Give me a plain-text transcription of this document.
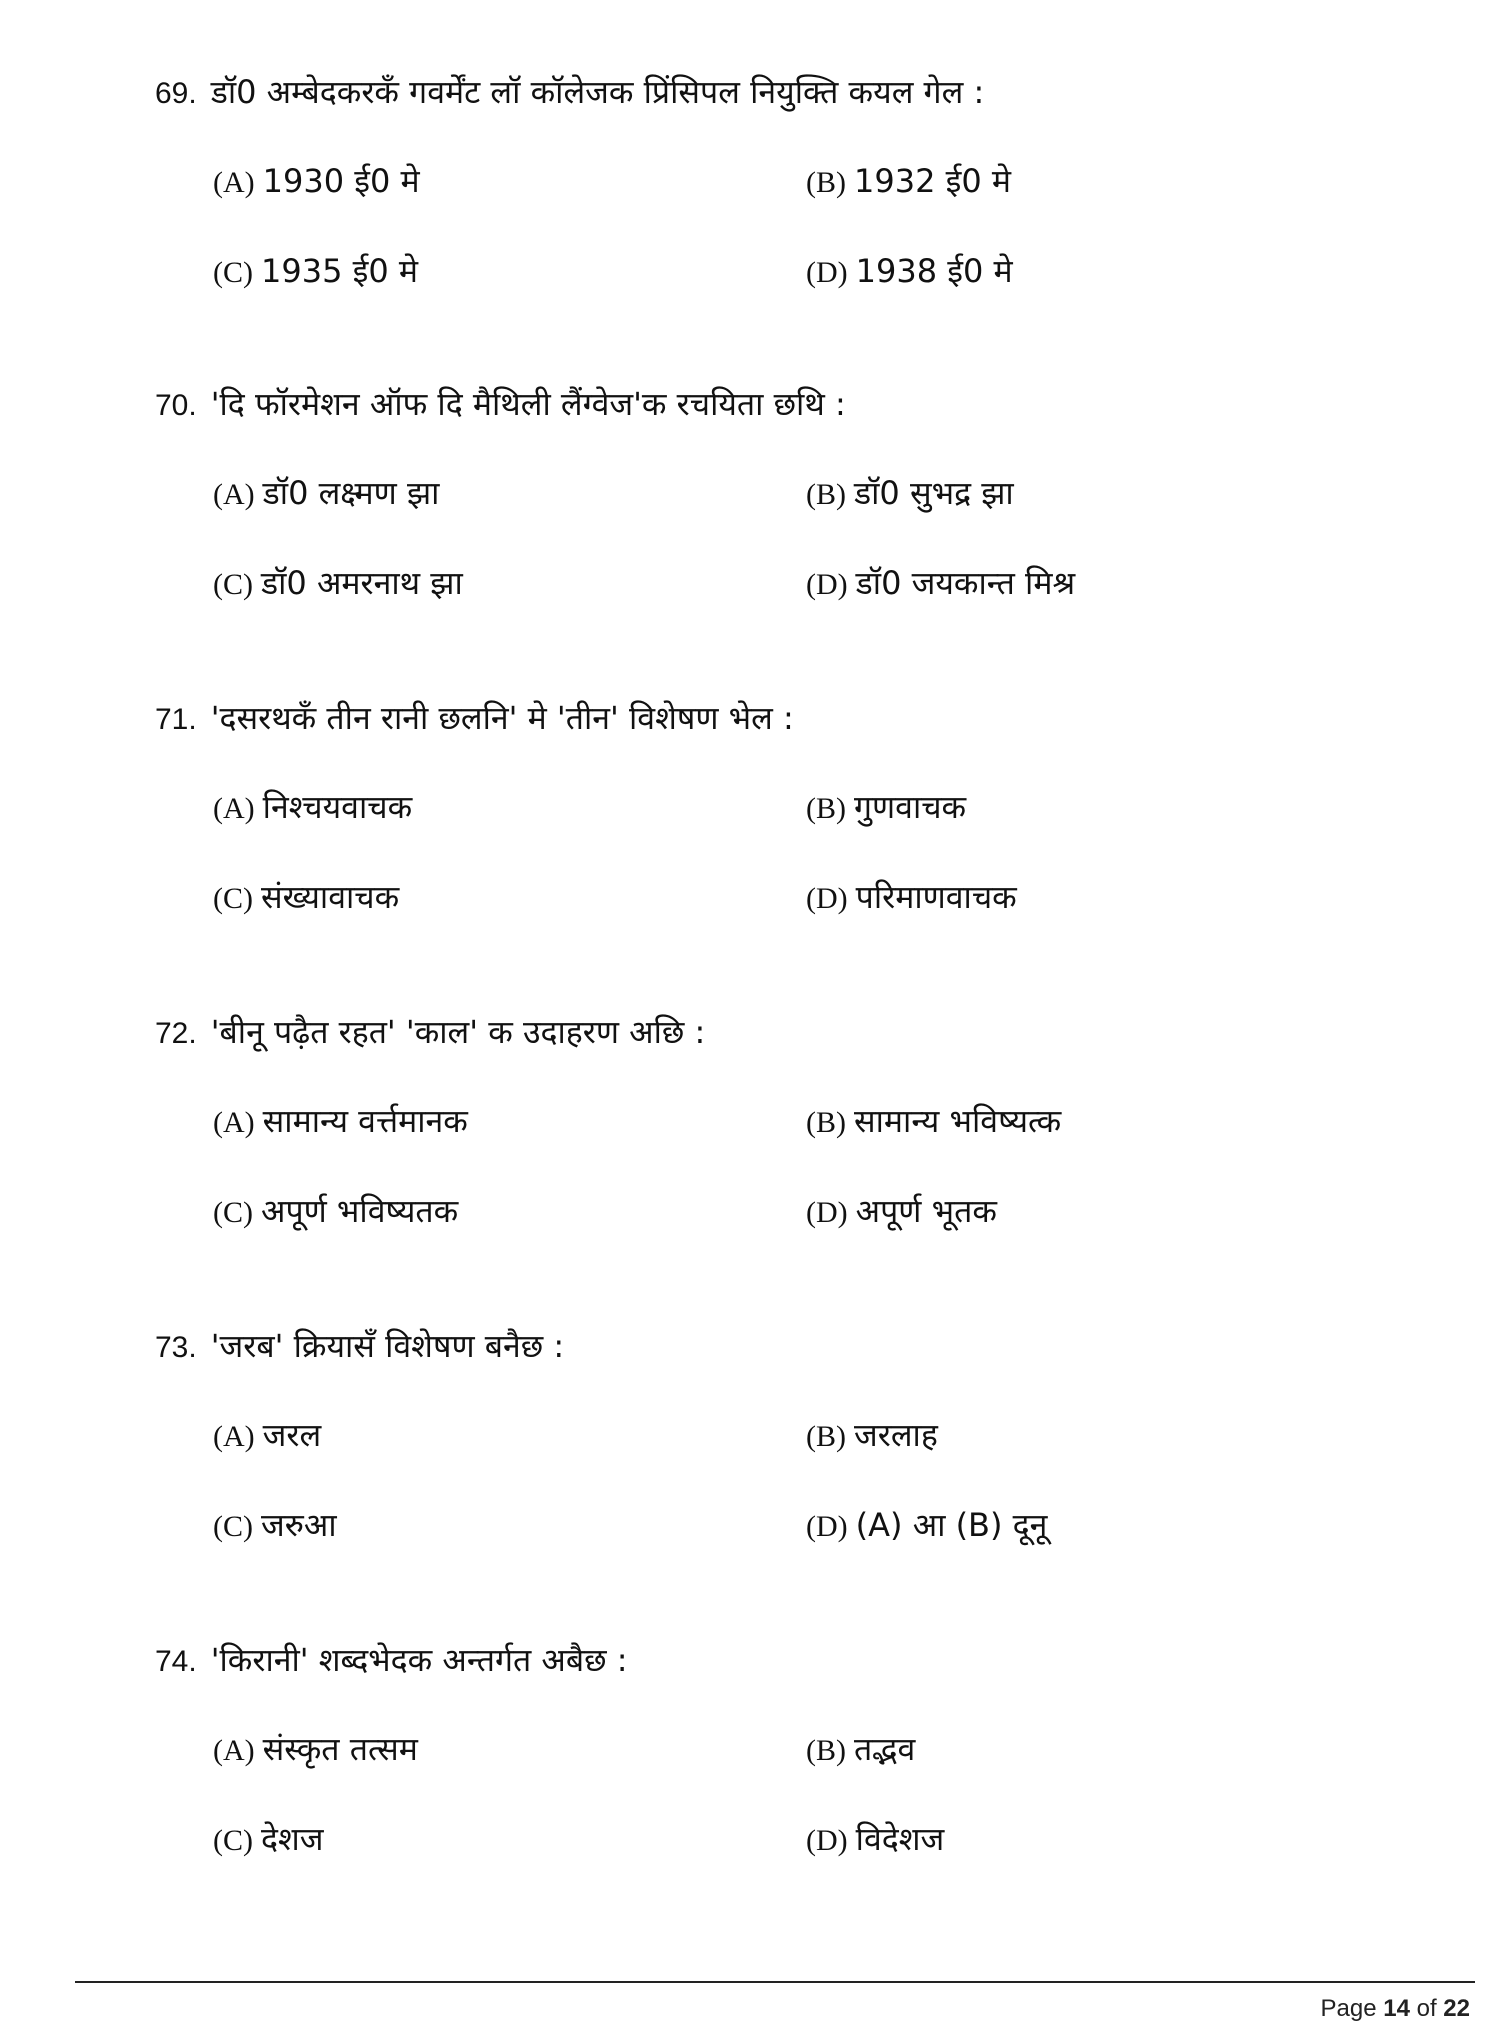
69. डॉ0 अम्बेदकरकँ गवर्मेंट लॉ कॉलेजक प्रिंसिपल नियुक्ति कयल गेल :
(A) 1930 ई0 मे	(B) 1932 ई0 मे
(C) 1935 ई0 मे	(D) 1938 ई0 मे
70. 'दि फॉरमेशन ऑफ दि मैथिली लैंग्वेज'क रचयिता छथि :
(A) डॉ0 लक्ष्मण झा	(B) डॉ0 सुभद्र झा
(C) डॉ0 अमरनाथ झा	(D) डॉ0 जयकान्त मिश्र
71. 'दसरथकँ तीन रानी छलनि' मे 'तीन' विशेषण भेल :
(A) निश्चयवाचक	(B) गुणवाचक
(C) संख्यावाचक	(D) परिमाणवाचक
72. 'बीनू पढ़ैत रहत' 'काल' क उदाहरण अछि :
(A) सामान्य वर्त्तमानक	(B) सामान्य भविष्यत्क
(C) अपूर्ण भविष्यतक	(D) अपूर्ण भूतक
73. 'जरब' क्रियासँ विशेषण बनैछ :
(A) जरल	(B) जरलाह
(C) जरुआ	(D) (A) आ (B) दूनू
74. 'किरानी' शब्दभेदक अन्तर्गत अबैछ :
(A) संस्कृत तत्सम	(B) तद्भव
(C) देशज	(D) विदेशज
Page 14 of 22
